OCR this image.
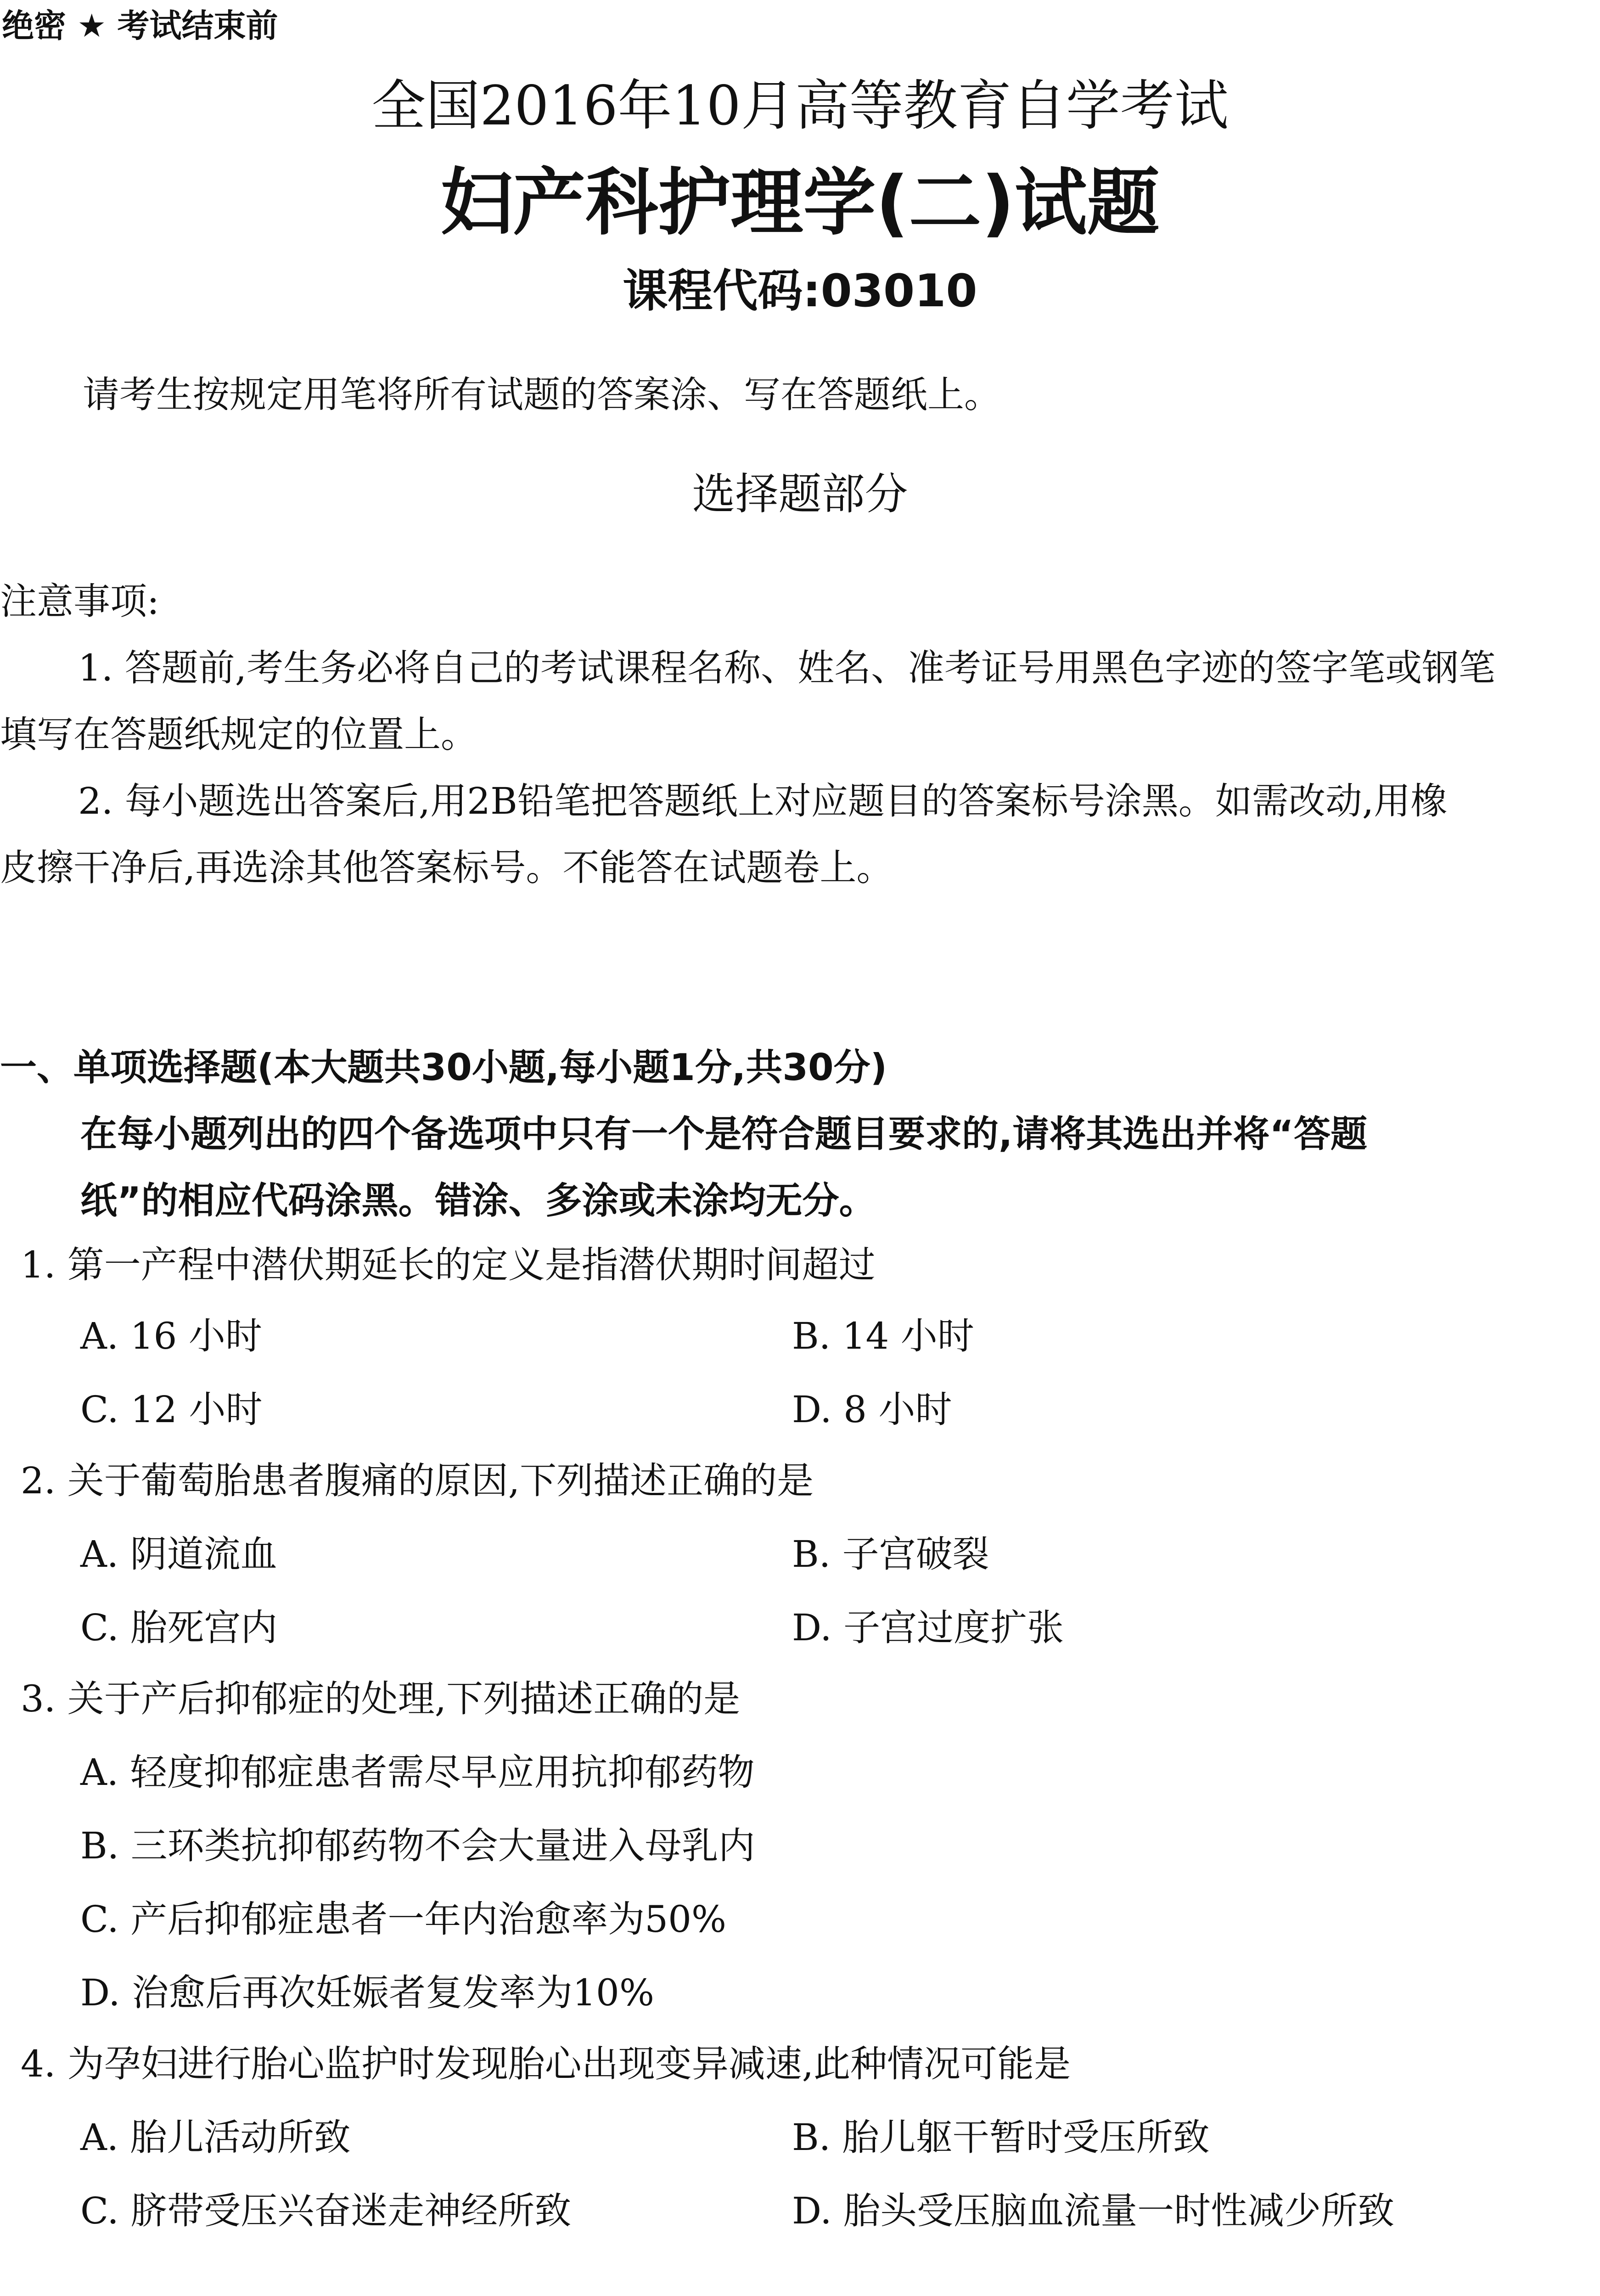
绝密 ★ 考试结束前
全国2016年10月高等教育自学考试
妇产科护理学(二)试题
课程代码:03010
请考生按规定用笔将所有试题的答案涂、写在答题纸上。
选择题部分
注意事项:
1. 答题前,考生务必将自己的考试课程名称、姓名、准考证号用黑色字迹的签字笔或钢笔
填写在答题纸规定的位置上。
2. 每小题选出答案后,用2B铅笔把答题纸上对应题目的答案标号涂黑。如需改动,用橡
皮擦干净后,再选涂其他答案标号。不能答在试题卷上。
一、单项选择题(本大题共30小题,每小题1分,共30分)
在每小题列出的四个备选项中只有一个是符合题目要求的,请将其选出并将“答题
纸”的相应代码涂黑。错涂、多涂或未涂均无分。
1. 第一产程中潜伏期延长的定义是指潜伏期时间超过
A. 16 小时	B. 14 小时
C. 12 小时	D. 8 小时
2. 关于葡萄胎患者腹痛的原因,下列描述正确的是
A. 阴道流血	B. 子宫破裂
C. 胎死宫内	D. 子宫过度扩张
3. 关于产后抑郁症的处理,下列描述正确的是
A. 轻度抑郁症患者需尽早应用抗抑郁药物
B. 三环类抗抑郁药物不会大量进入母乳内
C. 产后抑郁症患者一年内治愈率为50%
D. 治愈后再次妊娠者复发率为10%
4. 为孕妇进行胎心监护时发现胎心出现变异减速,此种情况可能是
A. 胎儿活动所致	B. 胎儿躯干暂时受压所致
C. 脐带受压兴奋迷走神经所致	D. 胎头受压脑血流量一时性减少所致
